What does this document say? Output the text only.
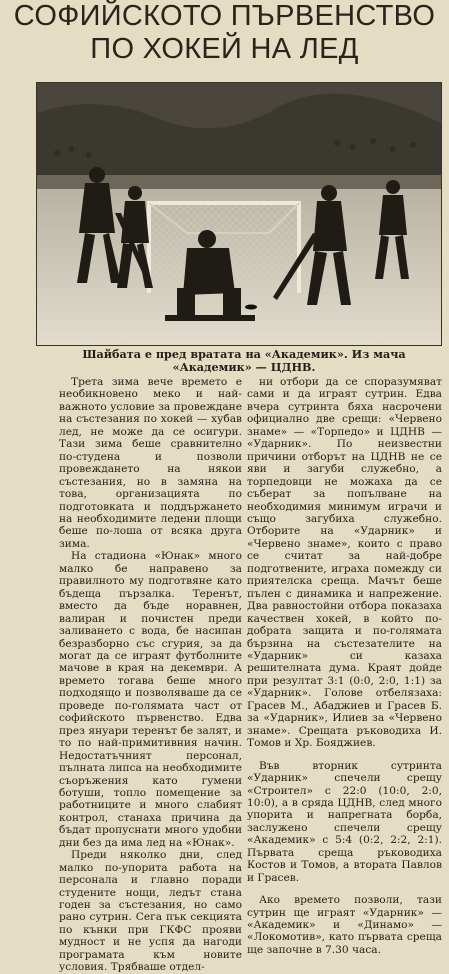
СОФИЙСКОТО ПЪРВЕНСТВО
ПО ХОКЕЙ НА ЛЕД
Шайбата е пред вратата на «Академик». Из мача «Академик» — ЦДНВ.

Трета зима вече времето е необикновено меко и най-важното условие за провеждане на състезания по хокей — хубав лед, не може да се осигури. Тази зима беше сравнително по-студена и позволи провеждането на някои състезания, но в замяна на това, организацията по подготовката и поддържането на необходимите ледени площи беше по-лоша от всяка друга зима.

На стадиона «Юнак» много малко бе направено за правилното му подготвяне като бъдеща пързалка. Теренът, вместо да бъде норавнен, валиран и почистен преди заливането с вода, бе насипан безразборно със сгурия, за да могат да се играят футболните мачове в края на декември. А времето тогава беше много подходящо и позволяваше да се проведе по-голямата част от софийското първенство. Едва през януари теренът бе залят, и то по най-примитивния начин. Недостатъчният персонал, пълната липса на необходимите съоръжения като гумени ботуши, топло помещение за работниците и много слабият контрол, станаха причина да бъдат пропуснати много удобни дни без да има лед на «Юнак».

Преди няколко дни, след малко по-упорита работа на персонала и главно поради студените нощи, ледът стана годен за състезания, но само рано сутрин. Сега пък секцията по кънки при ГКФС прояви мудност и не успя да нагоди програмата към новите условия. Трябваше отдел-

ни отбори да се споразумяват сами и да играят сутрин. Едва вчера сутринта бяха насрочени официално две срещи: «Червено знаме» — «Торпедо» и ЦДНВ — «Ударник». По неизвестни причини отборът на ЦДНВ не се яви и загуби служебно, а торпедовци не можаха да се съберат за попълване на необходимия минимум играчи и също загубиха служебно. Отборите на «Ударник» и «Червено знаме», които с право се считат за най-добре подготвените, играха помежду си приятелска среща. Мачът беше пълен с динамика и напрежение. Два равностойни отбора показаха качествен хокей, в който по-добрата защита и по-голямата бързина на състезателите на «Ударник» си казаха решителната дума. Краят дойде при резултат 3:1 (0:0, 2:0, 1:1) за «Ударник». Голове отбелязаха: Грасев М., Абаджиев и Грасев Б. за «Ударник», Илиев за «Червено знаме». Срещата ръководиха И. Томов и Хр. Бояджиев.

Във вторник сутринта «Ударник» спечели срещу «Строител» с 22:0 (10:0, 2:0, 10:0), а в сряда ЦДНВ, след много упорита и напрегната борба, заслужено спечели срещу «Академик» с 5:4 (0:2, 2:2, 2:1). Първата среща ръководиха Костов и Томов, а втората Павлов и Грасев.

Ако времето позволи, тази сутрин ще играят «Ударник» — «Академик» и «Динамо» — «Локомотив», като първата среща ще започне в 7.30 часа.
